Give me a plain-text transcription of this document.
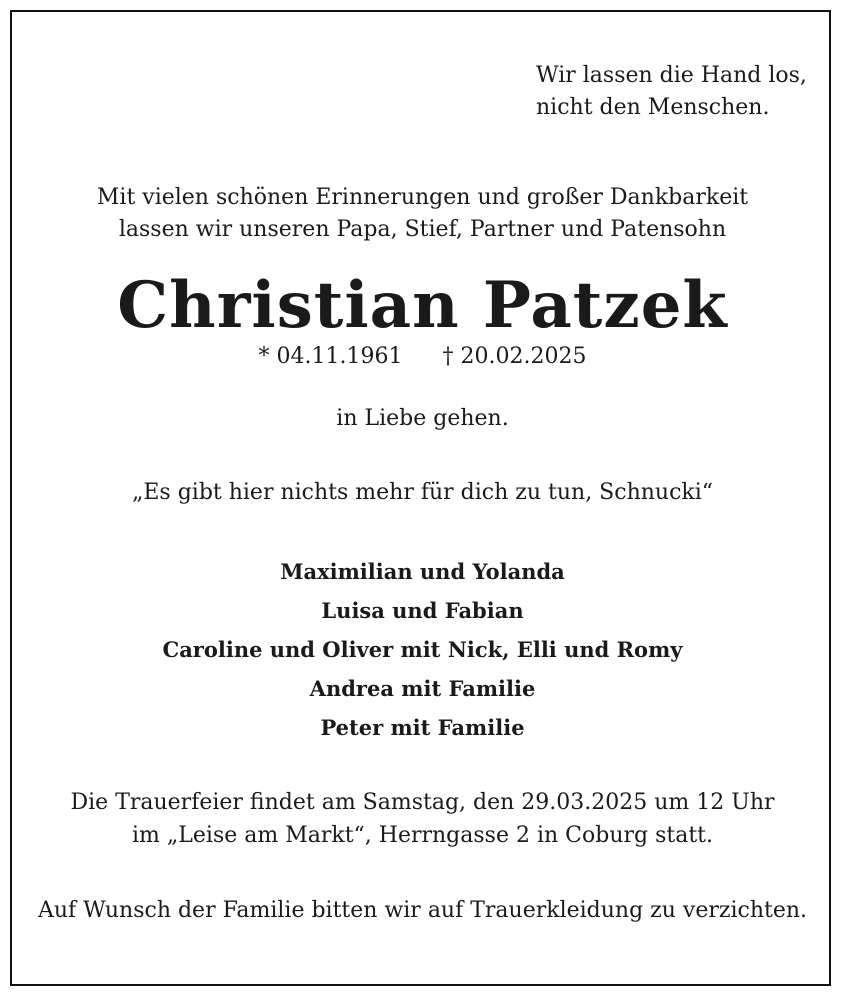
Wir lassen die Hand los,
nicht den Menschen.
Mit vielen schönen Erinnerungen und großer Dankbarkeit
lassen wir unseren Papa, Stief, Partner und Patensohn
Christian Patzek
* 04.11.1961 † 20.02.2025
in Liebe gehen.
„Es gibt hier nichts mehr für dich zu tun, Schnucki“
Maximilian und Yolanda
Luisa und Fabian
Caroline und Oliver mit Nick, Elli und Romy
Andrea mit Familie
Peter mit Familie
Die Trauerfeier findet am Samstag, den 29.03.2025 um 12 Uhr
im „Leise am Markt“, Herrngasse 2 in Coburg statt.
Auf Wunsch der Familie bitten wir auf Trauerkleidung zu verzichten.
